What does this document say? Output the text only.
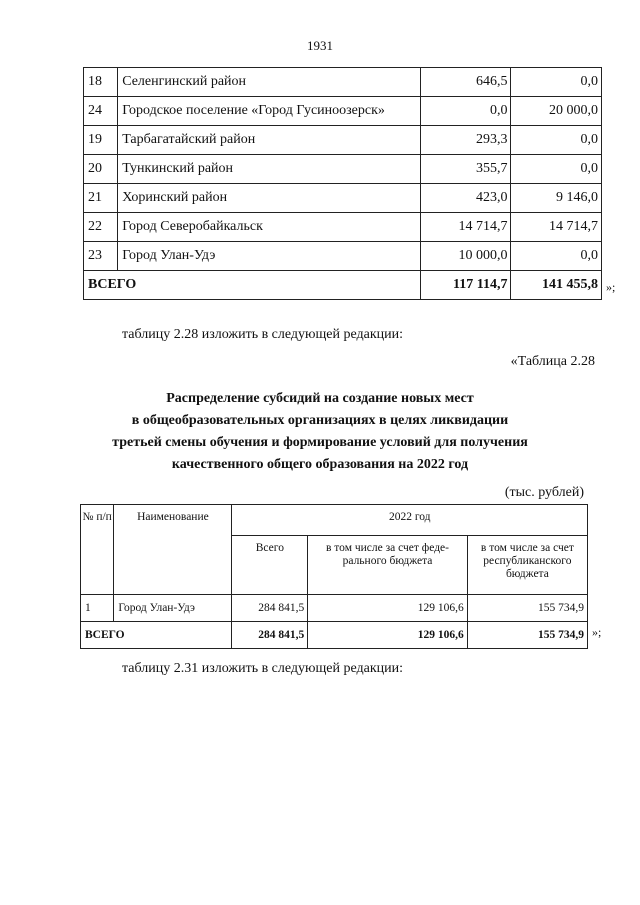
1931
18	Селенгинский район	646,5	0,0
24	Городское поселение «Город Гусиноозерск»	0,0	20 000,0
19	Тарбагатайский район	293,3	0,0
20	Тункинский район	355,7	0,0
21	Хоринский район	423,0	9 146,0
22	Город Северобайкальск	14 714,7	14 714,7
23	Город Улан-Удэ	10 000,0	0,0
ВСЕГО		117 114,7	141 455,8 »;
таблицу 2.28 изложить в следующей редакции:
«Таблица 2.28
Распределение субсидий на создание новых мест
в общеобразовательных организациях в целях ликвидации
третьей смены обучения и формирование условий для получения
качественного общего образования на 2022 год
(тыс. рублей)
№ п/п	Наименование	2022 год		
		Всего	в том числе за счет феде-рального бюджета	в том числе за счет республиканского бюджета
1	Город Улан-Удэ	284 841,5	129 106,6	155 734,9
ВСЕГО		284 841,5	129 106,6	155 734,9 »;
таблицу 2.31 изложить в следующей редакции:
